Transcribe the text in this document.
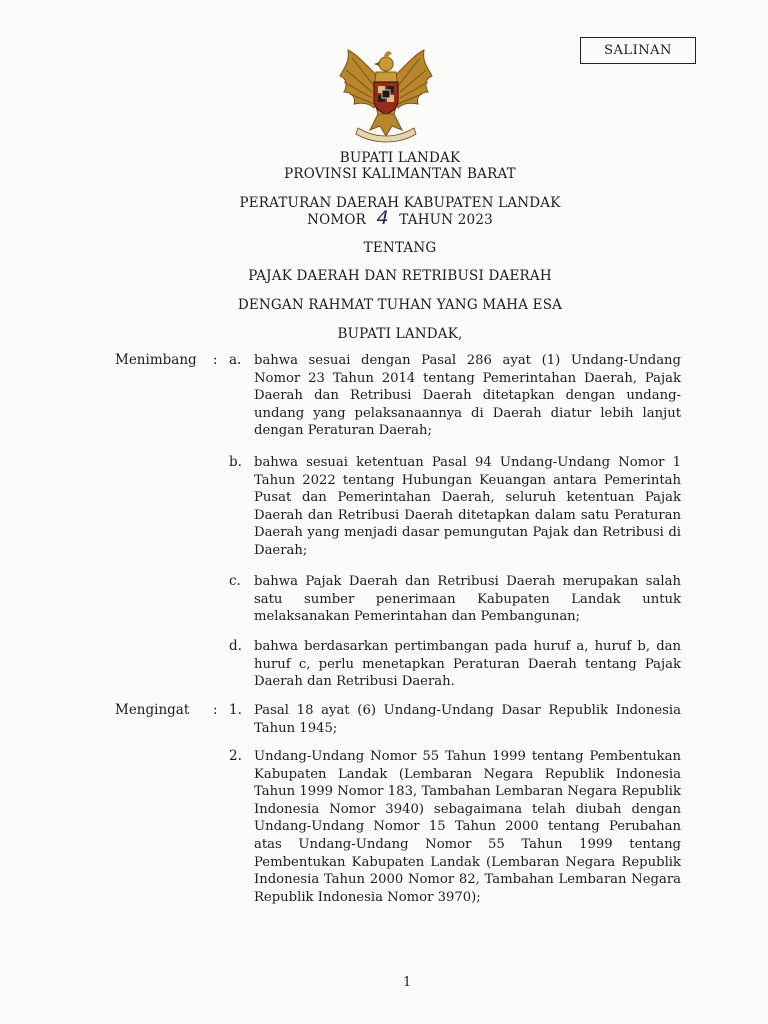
SALINAN
BUPATI LANDAK
PROVINSI KALIMANTAN BARAT
PERATURAN DAERAH KABUPATEN LANDAK
NOMOR 4 TAHUN 2023
TENTANG
PAJAK DAERAH DAN RETRIBUSI DAERAH
DENGAN RAHMAT TUHAN YANG MAHA ESA
BUPATI LANDAK,
Menimbang : a. bahwa sesuai dengan Pasal 286 ayat (1) Undang-Undang Nomor 23 Tahun 2014 tentang Pemerintahan Daerah, Pajak Daerah dan Retribusi Daerah ditetapkan dengan undang-undang yang pelaksanaannya di Daerah diatur lebih lanjut dengan Peraturan Daerah;

b. bahwa sesuai ketentuan Pasal 94 Undang-Undang Nomor 1 Tahun 2022 tentang Hubungan Keuangan antara Pemerintah Pusat dan Pemerintahan Daerah, seluruh ketentuan Pajak Daerah dan Retribusi Daerah ditetapkan dalam satu Peraturan Daerah yang menjadi dasar pemungutan Pajak dan Retribusi di Daerah;

c. bahwa Pajak Daerah dan Retribusi Daerah merupakan salah satu sumber penerimaan Kabupaten Landak untuk melaksanakan Pemerintahan dan Pembangunan;

d. bahwa berdasarkan pertimbangan pada huruf a, huruf b, dan huruf c, perlu menetapkan Peraturan Daerah tentang Pajak Daerah dan Retribusi Daerah.

Mengingat : 1. Pasal 18 ayat (6) Undang-Undang Dasar Republik Indonesia Tahun 1945;

2. Undang-Undang Nomor 55 Tahun 1999 tentang Pembentukan Kabupaten Landak (Lembaran Negara Republik Indonesia Tahun 1999 Nomor 183, Tambahan Lembaran Negara Republik Indonesia Nomor 3940) sebagaimana telah diubah dengan Undang-Undang Nomor 15 Tahun 2000 tentang Perubahan atas Undang-Undang Nomor 55 Tahun 1999 tentang Pembentukan Kabupaten Landak (Lembaran Negara Republik Indonesia Tahun 2000 Nomor 82, Tambahan Lembaran Negara Republik Indonesia Nomor 3970);

1
